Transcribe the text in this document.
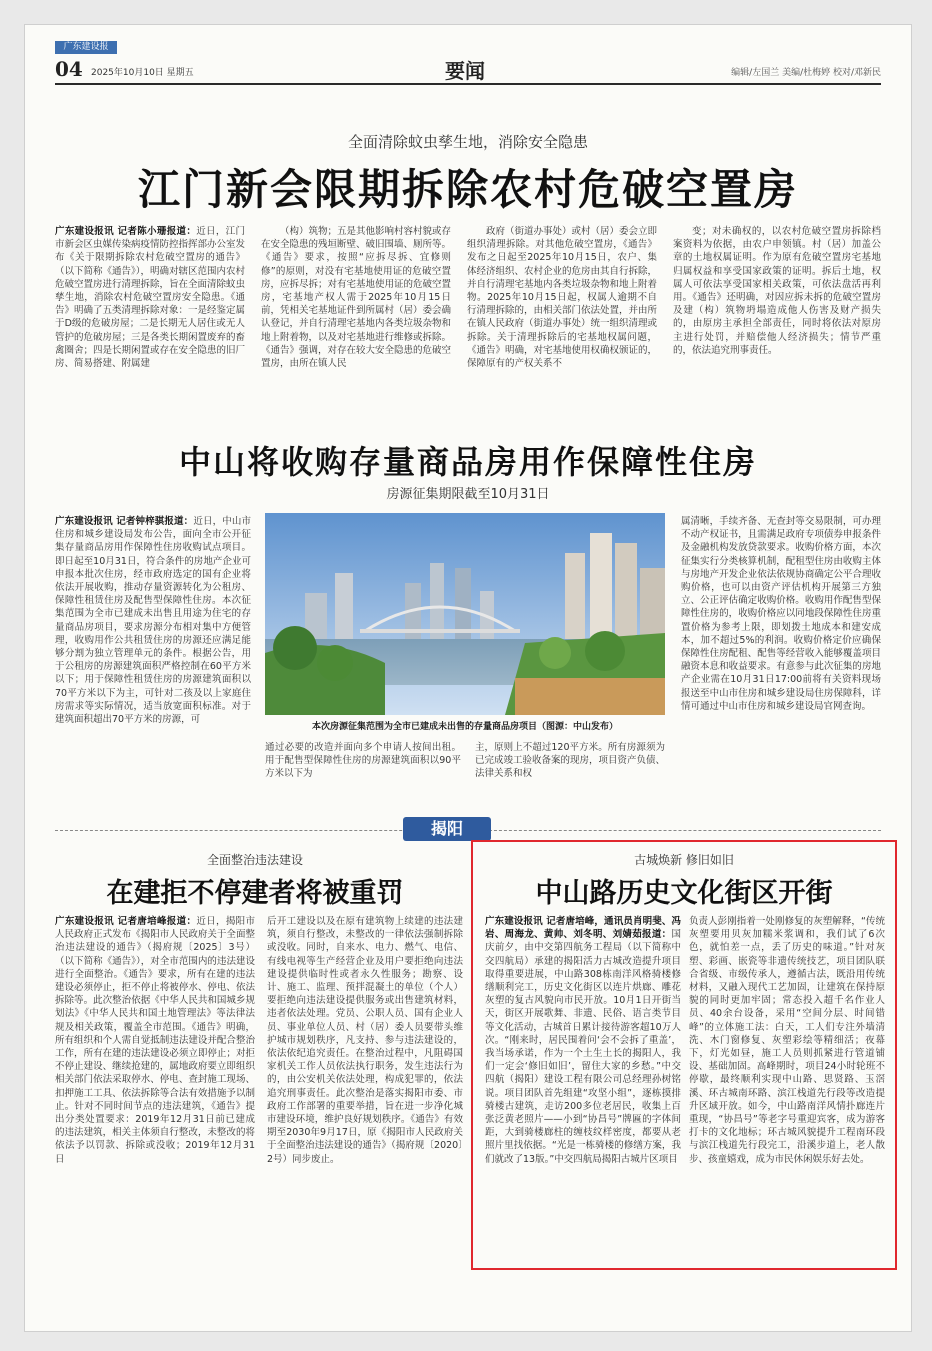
广东建设报
04 2025年10月10日 星期五	要闻	编辑/左国兰 美编/杜梅婷 校对/邓新民
全面清除蚊虫孳生地，消除安全隐患
江门新会限期拆除农村危破空置房

广东建设报讯 记者陈小珊报道：近日，江门市新会区虫媒传染病疫情防控指挥部办公室发布《关于限期拆除农村危破空置房的通告》（以下简称《通告》），明确对辖区范围内农村危破空置房进行清理拆除，旨在全面清除蚊虫孳生地，消除农村危破空置房安全隐患。《通告》明确了五类清理拆除对象：一是经鉴定属于D级的危破房屋；二是长期无人居住或无人管护的危破房屋；三是各类长期闲置废弃的畜禽圈舍；四是长期闲置或存在安全隐患的旧厂房、简易搭建、附属建

（构）筑物；五是其他影响村容村貌或存在安全隐患的残垣断壁、破旧围墙、厕所等。《通告》要求，按照“应拆尽拆、宜修则修”的原则，对没有宅基地使用证的危破空置房，应拆尽拆；对有宅基地使用证的危破空置房，宅基地产权人需于2025年10月15日前，凭相关宅基地证件到所属村（居）委会确认登记，并自行清理宅基地内各类垃圾杂物和地上附着物，以及对宅基地进行维修或拆除。《通告》强调，对存在较大安全隐患的危破空置房，由所在镇人民

政府（街道办事处）或村（居）委会立即组织清理拆除。对其他危破空置房，《通告》发布之日起至2025年10月15日，农户、集体经济组织、农村企业的危房由其自行拆除，并自行清理宅基地内各类垃圾杂物和地上附着物。2025年10月15日起，权属人逾期不自行清理拆除的，由相关部门依法处置，并由所在镇人民政府（街道办事处）统一组织清理或拆除。关于清理拆除后的宅基地权属问题，《通告》明确，对宅基地使用权确权颁证的，保障原有的产权关系不

变；对未确权的，以农村危破空置房拆除档案资料为依据，由农户申领镇。村（居）加盖公章的土地权属证明。作为原有危破空置房宅基地归属权益和享受国家政策的证明。拆后土地，权属人可依法享受国家相关政策，可依法盘活再利用。《通告》还明确，对因应拆未拆的危破空置房及建（构）筑物坍塌造成他人伤害及财产损失的，由原房主承担全部责任，同时将依法对原房主进行处罚，并赔偿他人经济损失；情节严重的，依法追究刑事责任。

中山将收购存量商品房用作保障性住房
房源征集期限截至10月31日

广东建设报讯 记者钟梓骐报道：近日，中山市住房和城乡建设局发布公告，面向全市公开征集存量商品房用作保障性住房收购试点项目。即日起至10月31日，符合条件的房地产企业可申报本批次住房，经市政府选定的国有企业将依法开展收购，推动存量资源转化为公租房、保障性租赁住房及配售型保障性住房。本次征集范围为全市已建成未出售且用途为住宅的存量商品房项目，要求房源分布相对集中方便管理，收购用作公共租赁住房的房源还应满足能够分割为独立管理单元的条件。根据公告，用于公租房的房源建筑面积严格控制在60平方米以下；用于保障性租赁住房的房源建筑面积以70平方米以下为主，可针对二孩及以上家庭住房需求等实际情况，适当放宽面积标准。对于建筑面积超出70平方米的房源，可

本次房源征集范围为全市已建成未出售的存量商品房项目（图源：中山发布）

通过必要的改造并面向多个申请人按间出租。用于配售型保障性住房的房源建筑面积以90平方米以下为

主，原则上不超过120平方米。所有房源须为已完成竣工验收备案的现房，项目资产负债、法律关系和权

属清晰，手续齐备、无查封等交易限制，可办理不动产权证书，且需满足政府专项债券申报条件及金融机构发放贷款要求。收购价格方面，本次征集实行分类核算机制，配租型住房由收购主体与房地产开发企业依法依规协商确定公平合理收购价格，也可以由资产评估机构开展第三方独立、公正评估确定收购价格。收购用作配售型保障性住房的，收购价格应以同地段保障性住房重置价格为参考上限，即划拨土地成本和建安成本，加不超过5%的利润。收购价格定价应确保保障性住房配租、配售等经营收入能够覆盖项目融资本息和收益要求。有意参与此次征集的房地产企业需在10月31日17:00前将有关资料现场报送至中山市住房和城乡建设局住房保障科，详情可通过中山市住房和城乡建设局官网查询。

揭阳
全面整治违法建设
在建拒不停建者将被重罚

广东建设报讯 记者唐培峰报道：近日，揭阳市人民政府正式发布《揭阳市人民政府关于全面整治违法建设的通告》（揭府规〔2025〕3号）（以下简称《通告》），对全市范围内的违法建设进行全面整治。《通告》要求，所有在建的违法建设必须停止，拒不停止将被停水、停电、依法拆除等。此次整治依据《中华人民共和国城乡规划法》《中华人民共和国土地管理法》等法律法规及相关政策，覆盖全市范围。《通告》明确，所有组织和个人需自觉抵制违法建设并配合整治工作，所有在建的违法建设必须立即停止；对拒不停止建设、继续抢建的，属地政府要立即组织相关部门依法采取停水、停电、查封施工现场、扣押施工工具、依法拆除等合法有效措施予以制止。针对不同时间节点的违法建筑，《通告》提出分类处置要求：2019年12月31日前已建成的违法建筑，相关主体须自行整改，未整改的将依法予以罚款、拆除或没收；2019年12月31日

后开工建设以及在原有建筑物上续建的违法建筑，须自行整改，未整改的一律依法强制拆除或没收。同时，自来水、电力、燃气、电信、有线电视等生产经营企业及用户要拒绝向违法建设提供临时性或者永久性服务；勘察、设计、施工、监理、预拌混凝土的单位（个人）要拒绝向违法建设提供服务或出售建筑材料，违者依法处理。党员、公职人员、国有企业人员、事业单位人员、村（居）委人员要带头维护城市规划秩序，凡支持、参与违法建设的，依法依纪追究责任。在整治过程中，凡阻碍国家机关工作人员依法执行职务，发生违法行为的，由公安机关依法处理，构成犯罪的，依法追究刑事责任。此次整治是落实揭阳市委、市政府工作部署的重要举措，旨在进一步净化城市建设环境，维护良好规划秩序。《通告》有效期至2030年9月17日，原《揭阳市人民政府关于全面整治违法建设的通告》（揭府规〔2020〕2号）同步废止。

古城焕新 修旧如旧
中山路历史文化街区开街

广东建设报讯 记者唐培峰，通讯员肖明斐、冯岩、周海龙、黄帅、刘冬明、刘婧茹报道：国庆前夕，由中交第四航务工程局（以下简称中交四航局）承建的揭阳活力古城改造提升项目取得重要进展，中山路308栋南洋风格骑楼修缮顺利完工，历史文化街区以连片烘廊、雕花灰塑的复古风貌向市民开放。10月1日开街当天，街区开展歌舞、非遗、民俗、语言类节目等文化活动，古城首日累计接待游客超10万人次。“刚来时，居民围着问‘会不会拆了重盖’，我当场承诺，作为一个土生土长的揭阳人，我们一定会‘修旧如旧’，留住大家的乡愁。”中交四航（揭阳）建设工程有限公司总经理孙树铭说。项目团队首先组建“攻坚小组”，逐栋摸排骑楼古建筑，走访200多位老居民，收集上百张泛黄老照片——小到“协昌号”牌匾的字体间距，大到骑楼廊柱的缠枝纹样密度，都要从老照片里找依据。“光是一栋骑楼的修缮方案，我们就改了13版。”中交四航局揭阳古城片区项目

负责人彭刚指着一处刚修复的灰塑解释，“传统灰塑要用贝灰加糯米浆调和，我们试了6次色，就怕差一点，丢了历史的味道。”针对灰塑、彩画、嵌瓷等非遗传统技艺，项目团队联合省级、市级传承人，遵循古法，既沿用传统材料，又融入现代工艺加固，让建筑在保持原貌的同时更加牢固；常态投入超千名作业人员、40余台设备，采用“空间分层、时间错峰”的立体施工法：白天，工人们专注外墙清洗、木门窗修复、灰塑彩绘等精细活；夜幕下，灯光如昼，施工人员则抓紧进行管道铺设、基础加固。高峰期时，项目24小时轮班不停歇，最终顺利实现中山路、思贤路、玉滘溪、环古城南环路、滨江栈道先行段等改造提升区域开放。如今，中山路南洋风情扑廊连片重现，“协昌号”等老字号重迎宾客，成为游客打卡的文化地标；环古城风貌提升工程南环段与滨江栈道先行段完工，沿溪步道上，老人散步、孩童嬉戏，成为市民休闲娱乐好去处。
